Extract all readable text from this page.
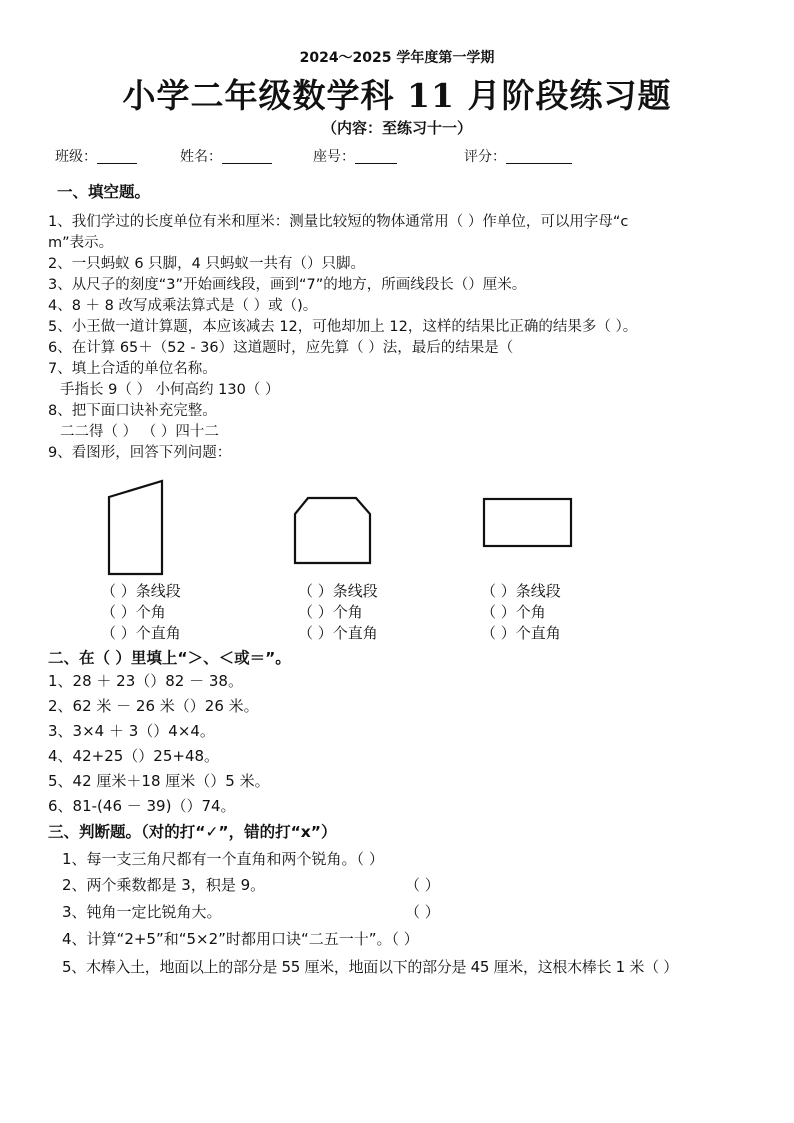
2024～2025 学年度第一学期
小学二年级数学科 11 月阶段练习题
（内容：至练习十一）
班级：	姓名：	座号：	评分：
一、填空题。
1、我们学过的长度单位有米和厘米：测量比较短的物体通常用（ ）作单位，可以用字母“c
m”表示。
2、一只蚂蚁 6 只脚，4 只蚂蚁一共有（）只脚。
3、从尺子的刻度“3”开始画线段，画到“7”的地方，所画线段长（）厘米。
4、8 ＋ 8 改写成乘法算式是（ ）或（)。
5、小王做一道计算题，本应该减去 12，可他却加上 12，这样的结果比正确的结果多（ ）。
6、在计算 65＋（52 - 36）这道题时，应先算（ ）法，最后的结果是（
7、填上合适的单位名称。
手指长 9（ ） 小何高约 130（ ）
8、把下面口诀补充完整。
二二得（ ） （ ）四十二
9、看图形，回答下列问题：
（ ）条线段
（ ）个角
（ ）个直角
（ ）条线段
（ ）个角
（ ）个直角
（ ）条线段
（ ）个角
（ ）个直角
二、在（ ）里填上“＞、＜或＝”。
1、28 ＋ 23（）82 － 38。
2、62 米 － 26 米（）26 米。
3、3×4 ＋ 3（）4×4。
4、42+25（）25+48。
5、42 厘米＋18 厘米（）5 米。
6、81-(46 － 39)（）74。
三、判断题。（对的打“✓”，错的打“x”）
1、每一支三角尺都有一个直角和两个锐角。（ ）
2、两个乘数都是 3，积是 9。	（ ）
3、钝角一定比锐角大。	（ ）
4、计算“2+5”和“5×2”时都用口诀“二五一十”。（ ）
5、木棒入土，地面以上的部分是 55 厘米，地面以下的部分是 45 厘米，这根木棒长 1 米（ ）
